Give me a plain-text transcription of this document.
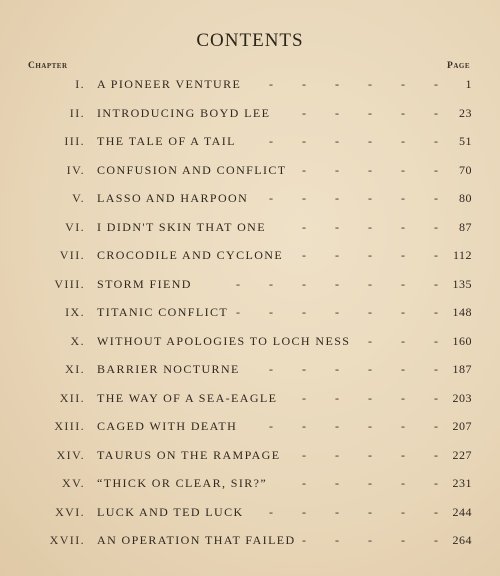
CONTENTS
Chapter	Page
I. A PIONEER VENTURE - - - - - - 1
II. INTRODUCING BOYD LEE	- - - - - 23
III. THE TALE OF A TAIL	- - - - - - 51
IV. CONFUSION AND CONFLICT - - - - - 70
V. LASSO AND HARPOON - - - - - - 80
VI. I DIDN'T SKIN THAT ONE	- - - - - 87
VII. CROCODILE AND CYCLONE - - - - - 112
VIII. STORM FIEND	- - - - - - - 135
IX. TITANIC CONFLICT - - - - - - - 148
X. WITHOUT APOLOGIES TO LOCH NESS - - - 160
XI. BARRIER NOCTURNE - - - - - - 187
XII. THE WAY OF A SEA-EAGLE - - - - - 203
XIII. CAGED WITH DEATH	- - - - - - 207
XIV. TAURUS ON THE RAMPAGE - - - - - 227
XV. “THICK OR CLEAR, SIR?”	- - - - - 231
XVI. LUCK AND TED LUCK - - - - - - 244
XVII. AN OPERATION THAT FAILED - - - - - 264
